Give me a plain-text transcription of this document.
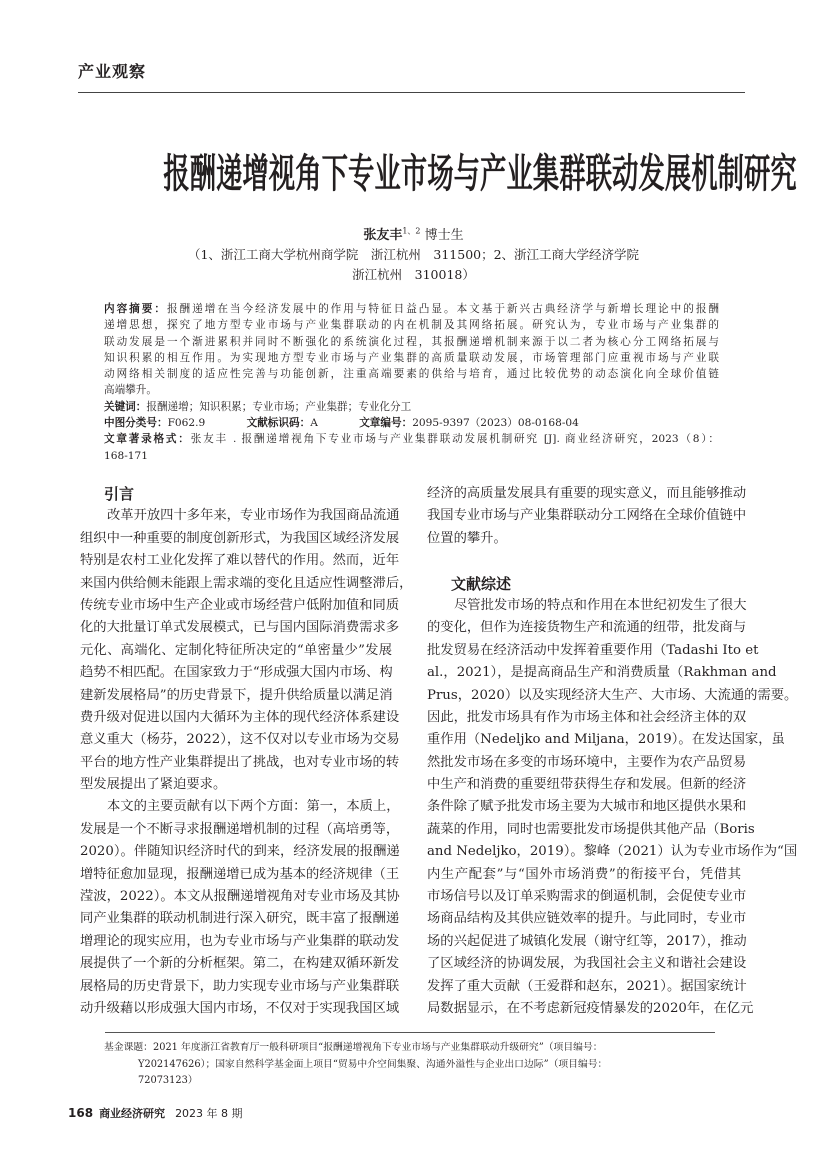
产业观察
报酬递增视角下专业市场与产业集群联动发展机制研究
张友丰$^{1、2}$ 博士生
（1、浙江工商大学杭州商学院　浙江杭州　311500；2、浙江工商大学经济学院
浙江杭州　310018）
内容摘要：报酬递增在当今经济发展中的作用与特征日益凸显。本文基于新兴古典经济学与新增长理论中的报酬
递增思想，探究了地方型专业市场与产业集群联动的内在机制及其网络拓展。研究认为，专业市场与产业集群的
联动发展是一个渐进累积并同时不断强化的系统演化过程，其报酬递增机制来源于以二者为核心分工网络拓展与
知识积累的相互作用。为实现地方型专业市场与产业集群的高质量联动发展，市场管理部门应重视市场与产业联
动网络相关制度的适应性完善与功能创新，注重高端要素的供给与培育，通过比较优势的动态演化向全球价值链
高端攀升。
关键词：报酬递增；知识积累；专业市场；产业集群；专业化分工
中图分类号：F062.9	文献标识码：A	文章编号：2095-9397（2023）08-0168-04
文章著录格式：张友丰 . 报酬递增视角下专业市场与产业集群联动发展机制研究 [J]. 商业经济研究，2023（8）：
168-171
引言
改革开放四十多年来，专业市场作为我国商品流通
组织中一种重要的制度创新形式，为我国区域经济发展
特别是农村工业化发挥了难以替代的作用。然而，近年
来国内供给侧未能跟上需求端的变化且适应性调整滞后，
传统专业市场中生产企业或市场经营户低附加值和同质
化的大批量订单式发展模式，已与国内国际消费需求多
元化、高端化、定制化特征所决定的“单密量少”发展
趋势不相匹配。在国家致力于“形成强大国内市场、构
建新发展格局”的历史背景下，提升供给质量以满足消
费升级对促进以国内大循环为主体的现代经济体系建设
意义重大（杨芬，2022），这不仅对以专业市场为交易
平台的地方性产业集群提出了挑战，也对专业市场的转
型发展提出了紧迫要求。
本文的主要贡献有以下两个方面：第一，本质上，
发展是一个不断寻求报酬递增机制的过程（高培勇等，
2020）。伴随知识经济时代的到来，经济发展的报酬递
增特征愈加显现，报酬递增已成为基本的经济规律（王
滢波，2022）。本文从报酬递增视角对专业市场及其协
同产业集群的联动机制进行深入研究，既丰富了报酬递
增理论的现实应用，也为专业市场与产业集群的联动发
展提供了一个新的分析框架。第二，在构建双循环新发
展格局的历史背景下，助力实现专业市场与产业集群联
动升级藉以形成强大国内市场，不仅对于实现我国区域
经济的高质量发展具有重要的现实意义，而且能够推动
我国专业市场与产业集群联动分工网络在全球价值链中
位置的攀升。
文献综述
尽管批发市场的特点和作用在本世纪初发生了很大
的变化，但作为连接货物生产和流通的纽带，批发商与
批发贸易在经济活动中发挥着重要作用（Tadashi Ito et
al.，2021），是提高商品生产和消费质量（Rakhman and
Prus，2020）以及实现经济大生产、大市场、大流通的需要。
因此，批发市场具有作为市场主体和社会经济主体的双
重作用（Nedeljko and Miljana，2019）。在发达国家，虽
然批发市场在多变的市场环境中，主要作为农产品贸易
中生产和消费的重要纽带获得生存和发展。但新的经济
条件除了赋予批发市场主要为大城市和地区提供水果和
蔬菜的作用，同时也需要批发市场提供其他产品（Boris
and Nedeljko，2019）。黎峰（2021）认为专业市场作为“国
内生产配套”与“国外市场消费”的衔接平台，凭借其
市场信号以及订单采购需求的倒逼机制，会促使专业市
场商品结构及其供应链效率的提升。与此同时，专业市
场的兴起促进了城镇化发展（谢守红等，2017），推动
了区域经济的协调发展，为我国社会主义和谐社会建设
发挥了重大贡献（王爱群和赵东，2021）。据国家统计
局数据显示，在不考虑新冠疫情暴发的2020年，在亿元
基金课题：2021 年度浙江省教育厅一般科研项目“报酬递增视角下专业市场与产业集群联动升级研究”（项目编号：
Y202147626）；国家自然科学基金面上项目“贸易中介空间集聚、沟通外溢性与企业出口边际”（项目编号：
72073123）
168 商业经济研究 2023 年 8 期
